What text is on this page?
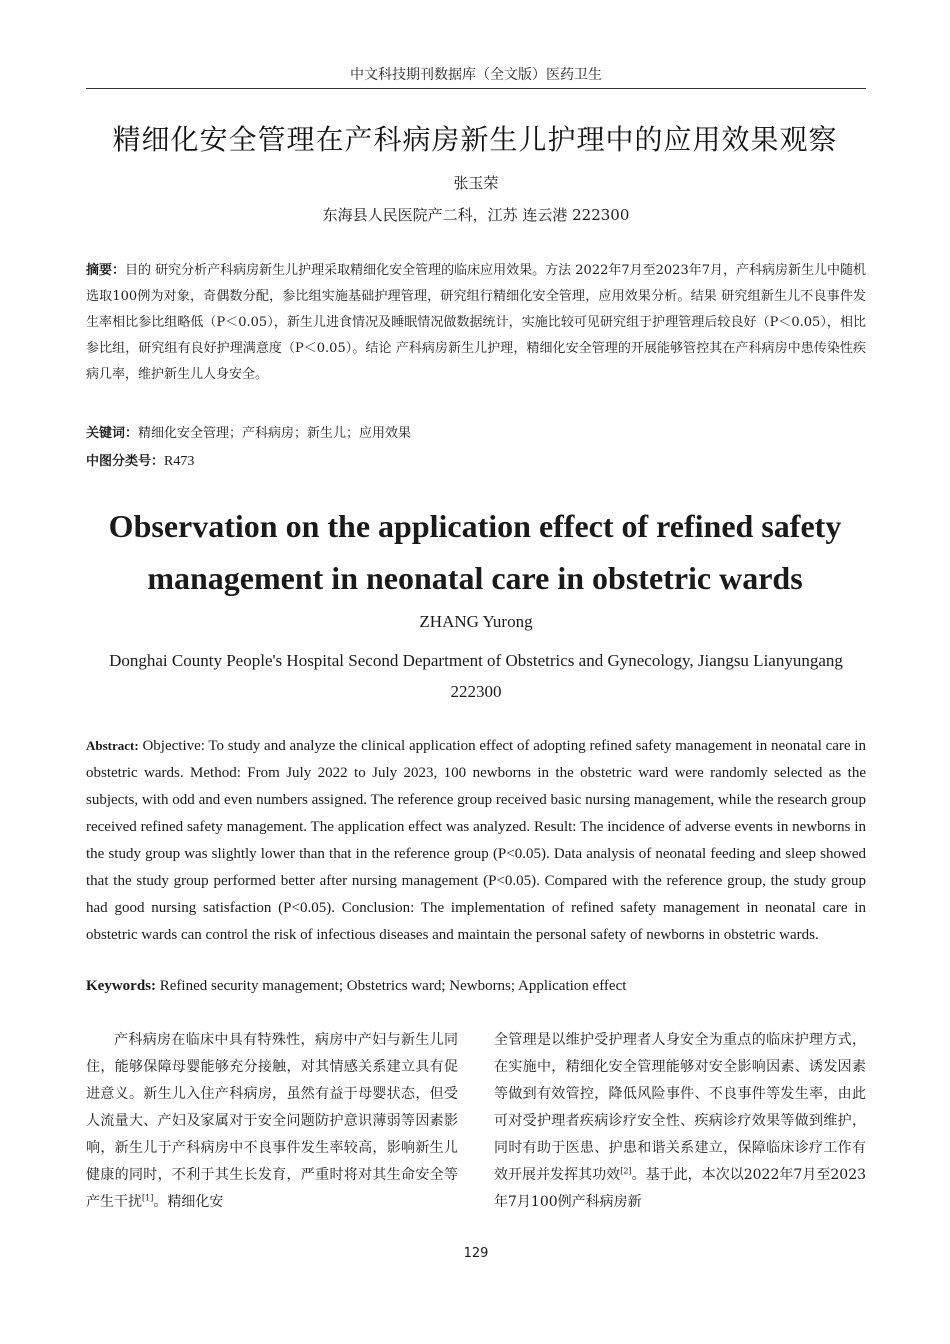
中文科技期刊数据库（全文版）医药卫生
精细化安全管理在产科病房新生儿护理中的应用效果观察
张玉荣
东海县人民医院产二科，江苏 连云港 222300
摘要：目的 研究分析产科病房新生儿护理采取精细化安全管理的临床应用效果。方法 2022年7月至2023年7月，产科病房新生儿中随机选取100例为对象，奇偶数分配，参比组实施基础护理管理，研究组行精细化安全管理，应用效果分析。结果 研究组新生儿不良事件发生率相比参比组略低（P＜0.05），新生儿进食情况及睡眠情况做数据统计，实施比较可见研究组于护理管理后较良好（P＜0.05），相比参比组，研究组有良好护理满意度（P＜0.05）。结论 产科病房新生儿护理，精细化安全管理的开展能够管控其在产科病房中患传染性疾病几率，维护新生儿人身安全。
关键词：精细化安全管理；产科病房；新生儿；应用效果
中图分类号：R473
Observation on the application effect of refined safety management in neonatal care in obstetric wards
ZHANG Yurong
Donghai County People's Hospital Second Department of Obstetrics and Gynecology, Jiangsu Lianyungang 222300
Abstract: Objective: To study and analyze the clinical application effect of adopting refined safety management in neonatal care in obstetric wards. Method: From July 2022 to July 2023, 100 newborns in the obstetric ward were randomly selected as the subjects, with odd and even numbers assigned. The reference group received basic nursing management, while the research group received refined safety management. The application effect was analyzed. Result: The incidence of adverse events in newborns in the study group was slightly lower than that in the reference group (P<0.05). Data analysis of neonatal feeding and sleep showed that the study group performed better after nursing management (P<0.05). Compared with the reference group, the study group had good nursing satisfaction (P<0.05). Conclusion: The implementation of refined safety management in neonatal care in obstetric wards can control the risk of infectious diseases and maintain the personal safety of newborns in obstetric wards.
Keywords: Refined security management; Obstetrics ward; Newborns; Application effect
产科病房在临床中具有特殊性，病房中产妇与新生儿同住，能够保障母婴能够充分接触，对其情感关系建立具有促进意义。新生儿入住产科病房，虽然有益于母婴状态，但受人流量大、产妇及家属对于安全问题防护意识薄弱等因素影响，新生儿于产科病房中不良事件发生率较高，影响新生儿健康的同时，不利于其生长发育，严重时将对其生命安全等产生干扰[1]。精细化安
全管理是以维护受护理者人身安全为重点的临床护理方式，在实施中，精细化安全管理能够对安全影响因素、诱发因素等做到有效管控，降低风险事件、不良事件等发生率，由此可对受护理者疾病诊疗安全性、疾病诊疗效果等做到维护，同时有助于医患、护患和谐关系建立，保障临床诊疗工作有效开展并发挥其功效[2]。基于此，本次以2022年7月至2023年7月100例产科病房新
129
